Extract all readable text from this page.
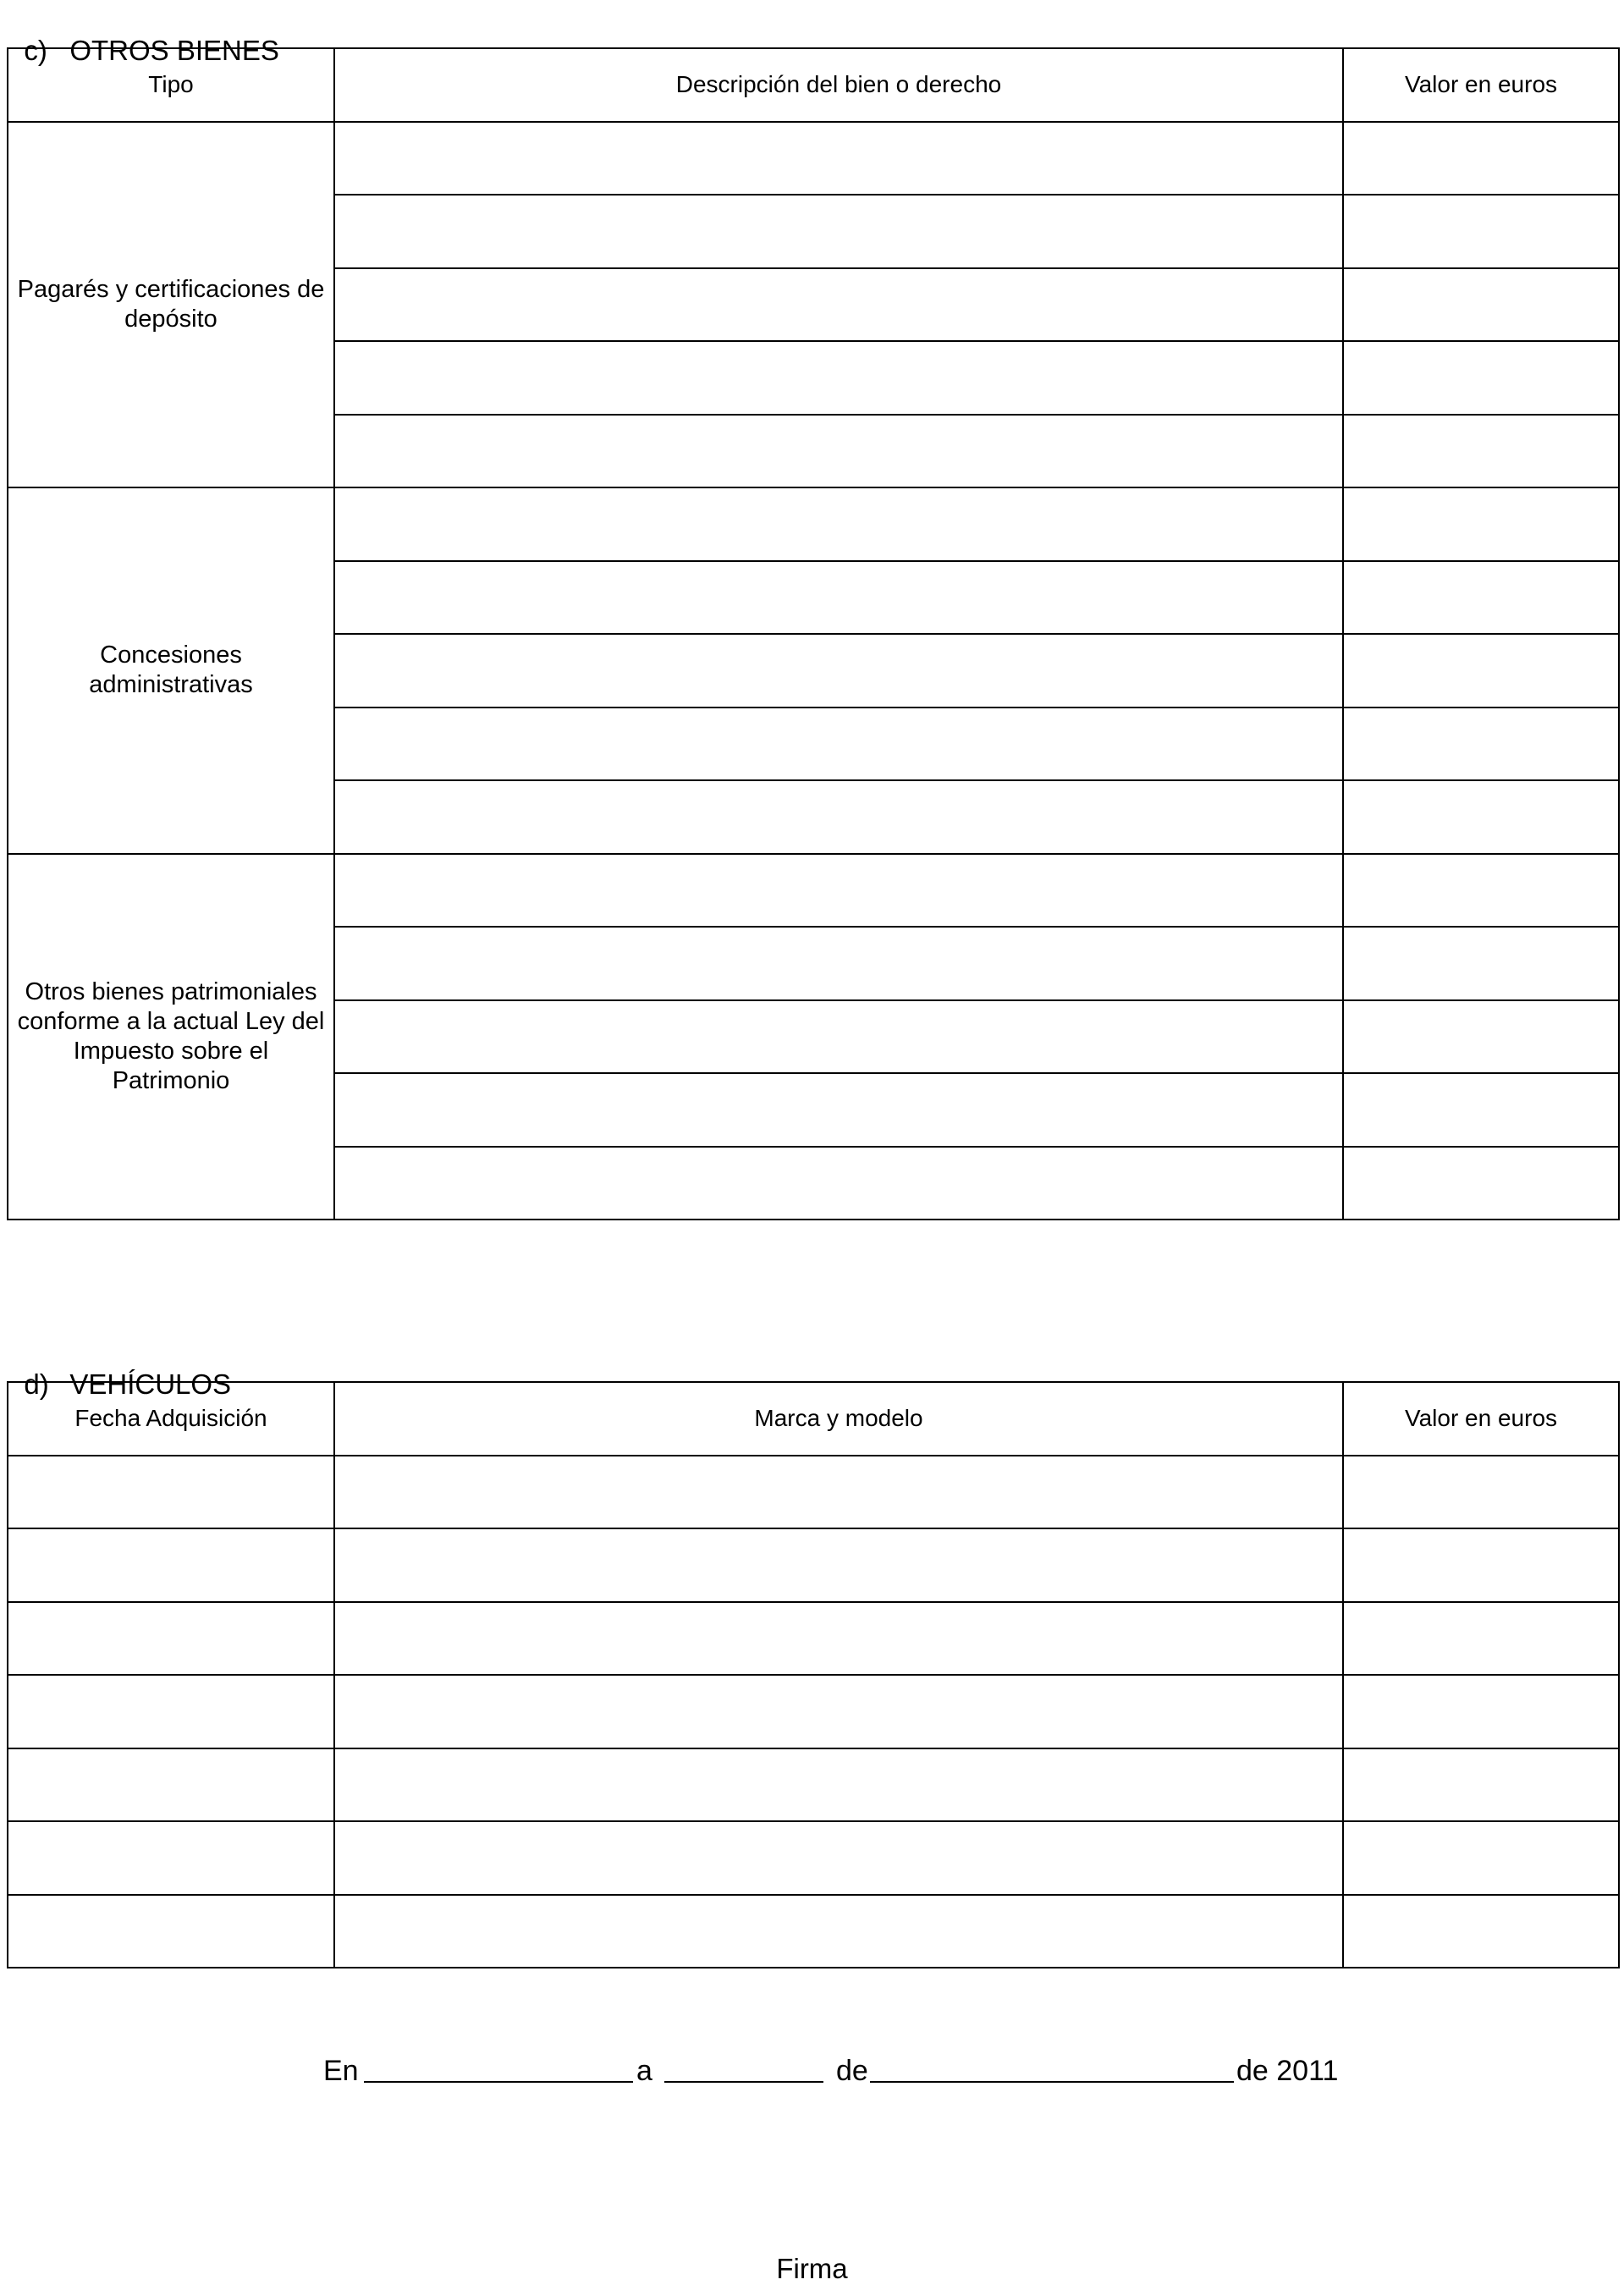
c) OTROS BIENES

Tipo	Descripción del bien o derecho	Valor en euros
Pagarés y certificaciones de depósito		

Concesiones administrativas		

Otros bienes patrimoniales conforme a la actual Ley del Impuesto sobre el Patrimonio		

d) VEHÍCULOS

Fecha Adquisición	Marca y modelo	Valor en euros

En	a	de	de 2011
Firma
